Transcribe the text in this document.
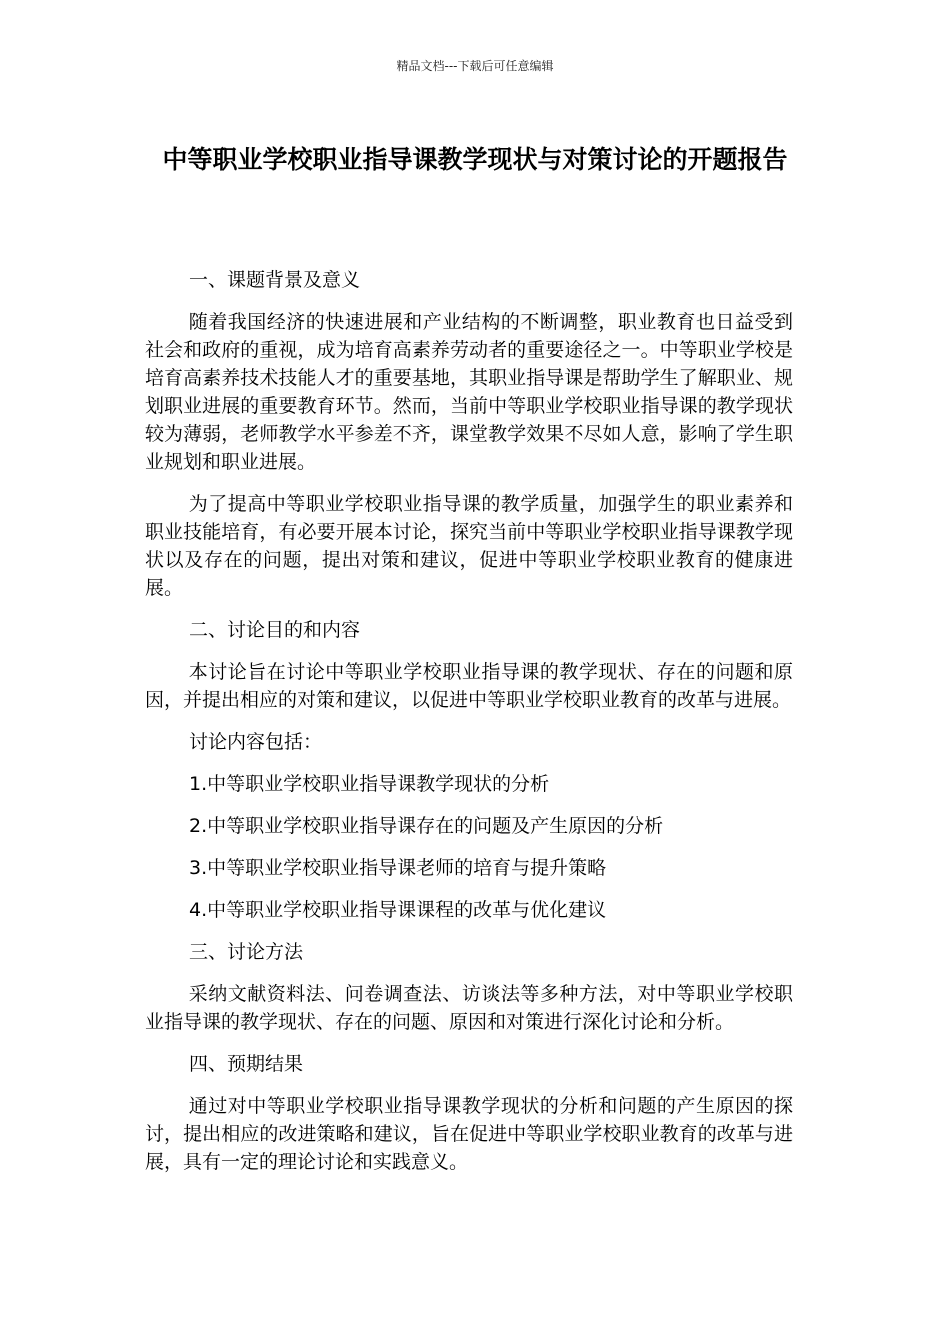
精品文档---下载后可任意编辑
中等职业学校职业指导课教学现状与对策讨论的开题报告

一、课题背景及意义

随着我国经济的快速进展和产业结构的不断调整，职业教育也日益受到社会和政府的重视，成为培育高素养劳动者的重要途径之一。中等职业学校是培育高素养技术技能人才的重要基地，其职业指导课是帮助学生了解职业、规划职业进展的重要教育环节。然而，当前中等职业学校职业指导课的教学现状较为薄弱，老师教学水平参差不齐，课堂教学效果不尽如人意，影响了学生职业规划和职业进展。

为了提高中等职业学校职业指导课的教学质量，加强学生的职业素养和职业技能培育，有必要开展本讨论，探究当前中等职业学校职业指导课教学现状以及存在的问题，提出对策和建议，促进中等职业学校职业教育的健康进展。

二、讨论目的和内容

本讨论旨在讨论中等职业学校职业指导课的教学现状、存在的问题和原因，并提出相应的对策和建议，以促进中等职业学校职业教育的改革与进展。

讨论内容包括：

1.中等职业学校职业指导课教学现状的分析

2.中等职业学校职业指导课存在的问题及产生原因的分析

3.中等职业学校职业指导课老师的培育与提升策略

4.中等职业学校职业指导课课程的改革与优化建议

三、讨论方法

采纳文献资料法、问卷调查法、访谈法等多种方法，对中等职业学校职业指导课的教学现状、存在的问题、原因和对策进行深化讨论和分析。

四、预期结果

通过对中等职业学校职业指导课教学现状的分析和问题的产生原因的探讨，提出相应的改进策略和建议，旨在促进中等职业学校职业教育的改革与进展，具有一定的理论讨论和实践意义。
